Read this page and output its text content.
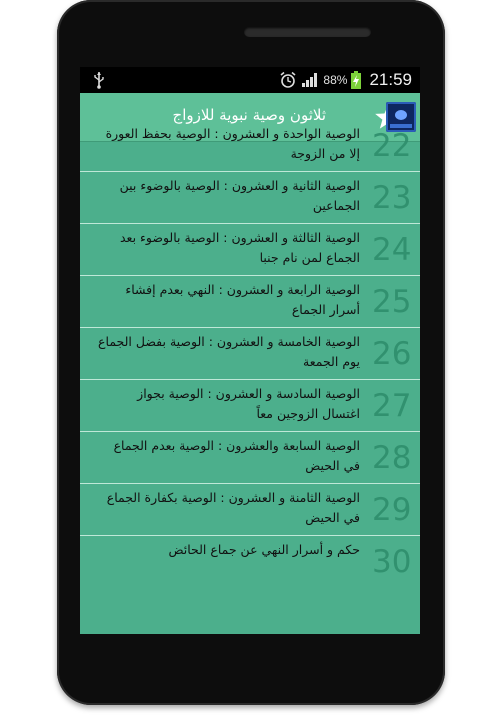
88% 21:59
ثلاثون وصية نبوية للازواج
22
الوصية الواحدة و العشرون : الوصية بحفظ العورة إلا من الزوجة
23
الوصية الثانية و العشرون : الوصية بالوضوء بين الجماعين
24
الوصية الثالثة و العشرون : الوصية بالوضوء بعد الجماع لمن نام جنبا
25
الوصية الرابعة و العشرون : النهي بعدم إفشاء أسرار الجماع
26
الوصية الخامسة و العشرون : الوصية بفضل الجماع يوم الجمعة
27
الوصية السادسة و العشرون : الوصية بجواز اغتسال الزوجين معاً
28
الوصية السابعة والعشرون : الوصية بعدم الجماع في الحيض
29
الوصية الثامنة و العشرون : الوصية بكفارة الجماع في الحيض
30
حكم و أسرار النهي عن جماع الحائض
